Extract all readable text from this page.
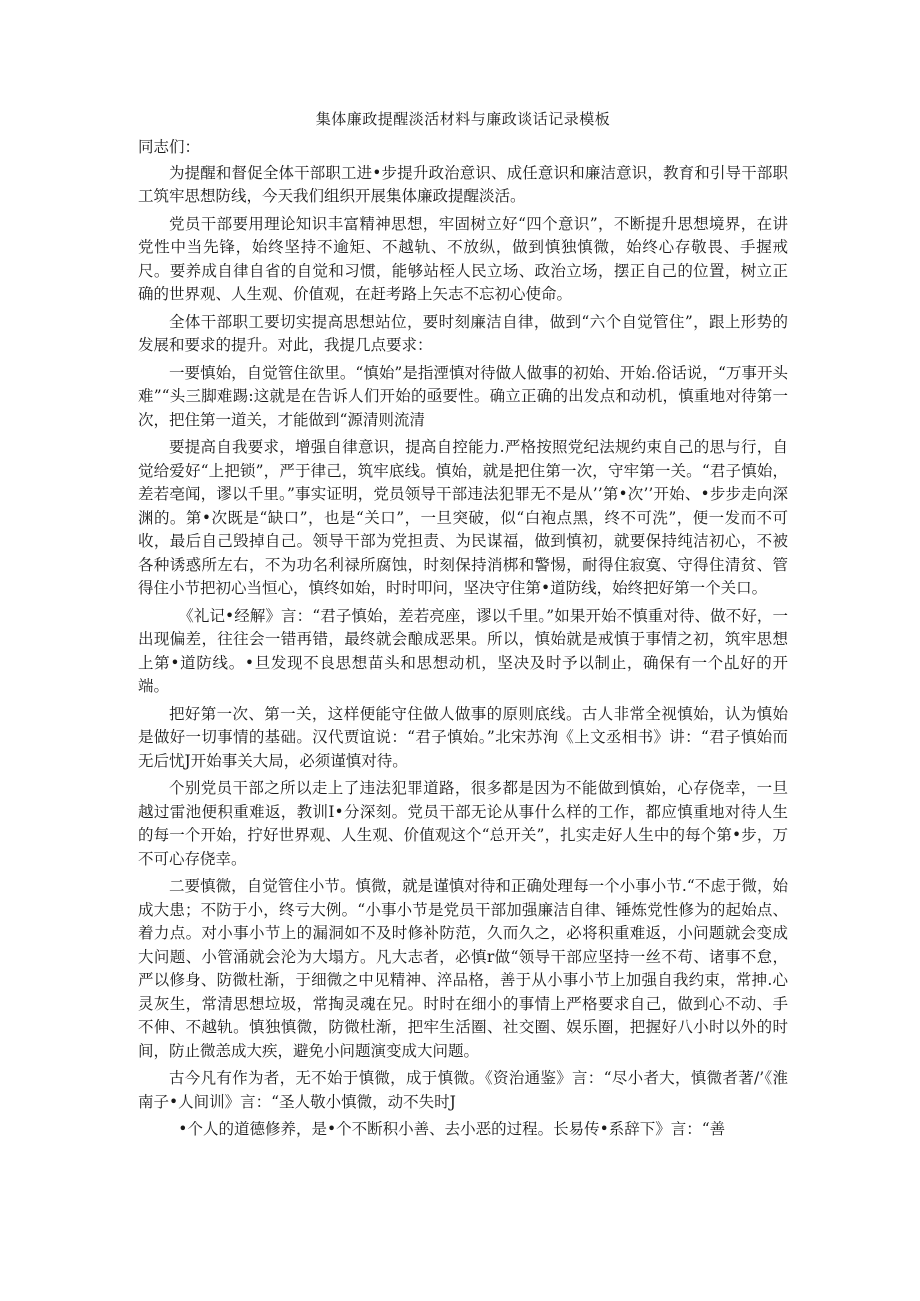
集体廉政提醒淡活材料与廉政谈话记录模板
同志们：

为提醒和督促全体干部职工进•步提升政治意识、成任意识和廉洁意识，教育和引导干部职工筑牢思想防线，今天我们组织开展集体廉政提醒淡活。

党员干部要用理论知识丰富精神思想，牢固树立好“四个意识”，不断提升思想境界，在讲党性中当先锋，始终坚持不逾矩、不越轨、不放纵，做到慎独慎微，始终心存敬畏、手握戒尺。要养成自律自省的自觉和习惯，能够站桎人民立场、政治立场，摆正自己的位置，树立正确的世界观、人生观、价值观，在赶考路上矢志不忘初心使命。

全体干部职工要切实提高思想站位，要时刻廉洁自律，做到“六个自觉管住”，跟上形势的发展和要求的提升。对此，我提几点要求：

一要慎始，自觉管住欲里。“慎始”是指湮慎对待做人做事的初始、开始.俗话说，“万事开头难”“头三脚难踢:这就是在告诉人们开始的亟要性。确立正确的出发点和动机，慎重地对待第一次，把住第一道关，才能做到“源清则流清

要提高自我要求，增强自律意识，提高自控能力.严格按照党纪法规约束自己的思与行，自觉给爱好“上把锁”，严于律己，筑牢底线。慎始，就是把住第一次，守牢第一关。“君子慎始，差若亳闻，谬以千里。”事实证明，党员领导干部违法犯罪无不是从’’第•次’’开始、•步步走向深渊的。第•次既是“缺口”，也是“关口”，一旦突破，似“白袍点黑，终不可洗”，便一发而不可收，最后自己毁掉自己。领导干部为党担责、为民谋福，做到慎初，就要保持纯洁初心，不被各种诱惑所左右，不为功名利禄所腐蚀，时刻保持消梆和警惕，耐得住寂寞、守得住清贫、管得住小节把初心当恒心，慎终如始，时时叩问，坚决守住第•道防线，始终把好第一个关口。

《礼记•经解》言：“君子慎始，差若亮座，谬以千里。”如果开始不慎重对待、做不好，一出现偏差，往往会一错再错，最终就会酿成恶果。所以，慎始就是戒慎于事情之初，筑牢思想上第•道防线。•旦发现不良思想苗头和思想动机，坚决及时予以制止，确保有一个乩好的开端。

把好第一次、第一关，这样便能守住做人做事的原则底线。古人非常全视慎始，认为慎始是做好一切事情的基础。汉代贾谊说：“君子慎始。”北宋苏洵《上文丞相书》讲：“君子慎始而无后忧J开始事关大局，必须谨慎对待。

个别党员干部之所以走上了违法犯罪道路，很多都是因为不能做到慎始，心存侥幸，一旦越过雷池便积重难返，教训I•分深刻。党员干部无论从事什么样的工作，都应慎重地对待人生的每一个开始，拧好世界观、人生观、价值观这个“总开关”，扎实走好人生中的每个第•步，万不可心存侥幸。

二要慎微，自觉管住小节。慎微，就是谨慎对待和正确处理每一个小事小节.“不虑于微，始成大患；不防于小，终亏大例。“小事小节是党员干部加强廉洁自律、锤炼党性修为的起始点、着力点。对小事小节上的漏洞如不及时修补防范，久而久之，必将积重难返，小问题就会变成大问题、小管涌就会沦为大塌方。凡大志者，必慎r做“领导干部应坚持一丝不苟、诸事不怠，严以修身、防微杜渐，于细微之中见精神、淬品格，善于从小事小节上加强自我约束，常抻.心灵灰生，常清思想垃圾，常掏灵魂在兄。时时在细小的事情上严格要求自己，做到心不动、手不伸、不越轨。慎独慎微，防微杜渐，把牢生活圈、社交圈、娱乐圈，把握好八小时以外的时间，防止微恙成大疾，避免小问题演变成大问题。

古今凡有作为者，无不始于慎微，成于慎微。《资治通鉴》言：“尽小者大，慎微者著/’《淮南子•人间训》言：“圣人敬小慎微，动不失时J

•个人的道德修养，是•个不断积小善、去小恶的过程。长易传•系辞下》言：“善
